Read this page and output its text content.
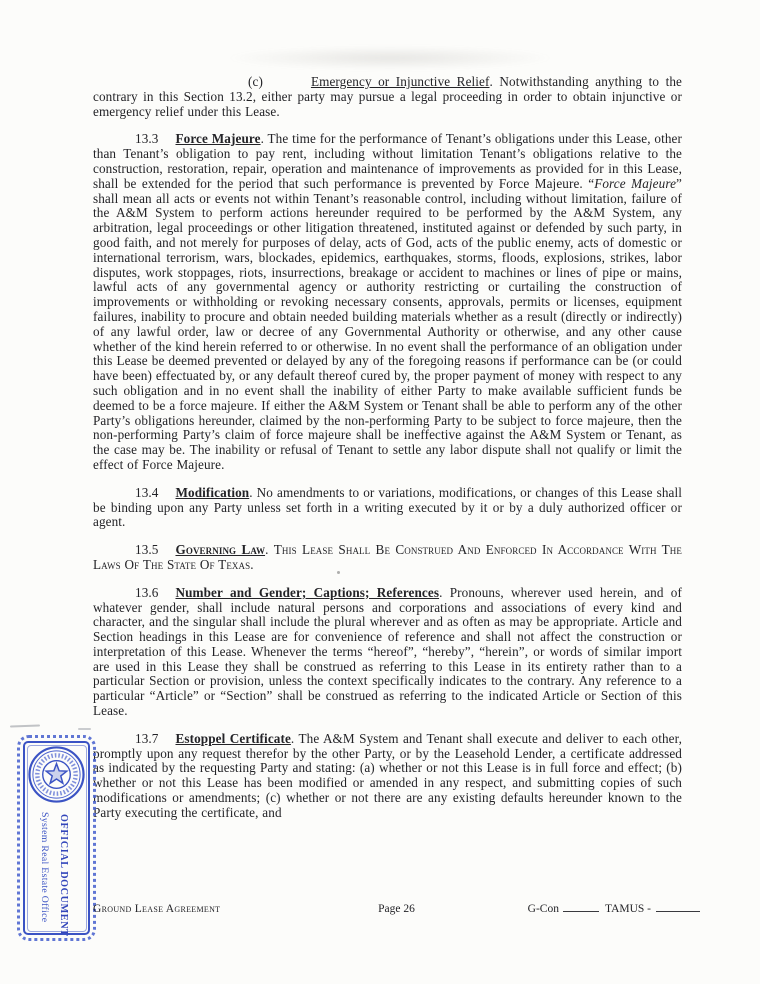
(c)	Emergency or Injunctive Relief. Notwithstanding anything to the contrary in this Section 13.2, either party may pursue a legal proceeding in order to obtain injunctive or emergency relief under this Lease.

13.3 Force Majeure. The time for the performance of Tenant’s obligations under this Lease, other than Tenant’s obligation to pay rent, including without limitation Tenant’s obligations relative to the construction, restoration, repair, operation and maintenance of improvements as provided for in this Lease, shall be extended for the period that such performance is prevented by Force Majeure. “Force Majeure” shall mean all acts or events not within Tenant’s reasonable control, including without limitation, failure of the A&M System to perform actions hereunder required to be performed by the A&M System, any arbitration, legal proceedings or other litigation threatened, instituted against or defended by such party, in good faith, and not merely for purposes of delay, acts of God, acts of the public enemy, acts of domestic or international terrorism, wars, blockades, epidemics, earthquakes, storms, floods, explosions, strikes, labor disputes, work stoppages, riots, insurrections, breakage or accident to machines or lines of pipe or mains, lawful acts of any governmental agency or authority restricting or curtailing the construction of improvements or withholding or revoking necessary consents, approvals, permits or licenses, equipment failures, inability to procure and obtain needed building materials whether as a result (directly or indirectly) of any lawful order, law or decree of any Governmental Authority or otherwise, and any other cause whether of the kind herein referred to or otherwise. In no event shall the performance of an obligation under this Lease be deemed prevented or delayed by any of the foregoing reasons if performance can be (or could have been) effectuated by, or any default thereof cured by, the proper payment of money with respect to any such obligation and in no event shall the inability of either Party to make available sufficient funds be deemed to be a force majeure. If either the A&M System or Tenant shall be able to perform any of the other Party’s obligations hereunder, claimed by the non-performing Party to be subject to force majeure, then the non-performing Party’s claim of force majeure shall be ineffective against the A&M System or Tenant, as the case may be. The inability or refusal of Tenant to settle any labor dispute shall not qualify or limit the effect of Force Majeure.

13.4 Modification. No amendments to or variations, modifications, or changes of this Lease shall be binding upon any Party unless set forth in a writing executed by it or by a duly authorized officer or agent.

13.5 Governing Law. This Lease Shall Be Construed And Enforced In Accordance With The Laws Of The State Of Texas.

13.6 Number and Gender; Captions; References. Pronouns, wherever used herein, and of whatever gender, shall include natural persons and corporations and associations of every kind and character, and the singular shall include the plural wherever and as often as may be appropriate. Article and Section headings in this Lease are for convenience of reference and shall not affect the construction or interpretation of this Lease. Whenever the terms “hereof”, “hereby”, “herein”, or words of similar import are used in this Lease they shall be construed as referring to this Lease in its entirety rather than to a particular Section or provision, unless the context specifically indicates to the contrary. Any reference to a particular “Article” or “Section” shall be construed as referring to the indicated Article or Section of this Lease.

13.7 Estoppel Certificate. The A&M System and Tenant shall execute and deliver to each other, promptly upon any request therefor by the other Party, or by the Leasehold Lender, a certificate addressed as indicated by the requesting Party and stating: (a) whether or not this Lease is in full force and effect; (b) whether or not this Lease has been modified or amended in any respect, and submitting copies of such modifications or amendments; (c) whether or not there are any existing defaults hereunder known to the Party executing the certificate, and

System Real Estate Office OFFICIAL DOCUMENT Ground Lease Agreement	Page 26	G-Con	TAMUS -
